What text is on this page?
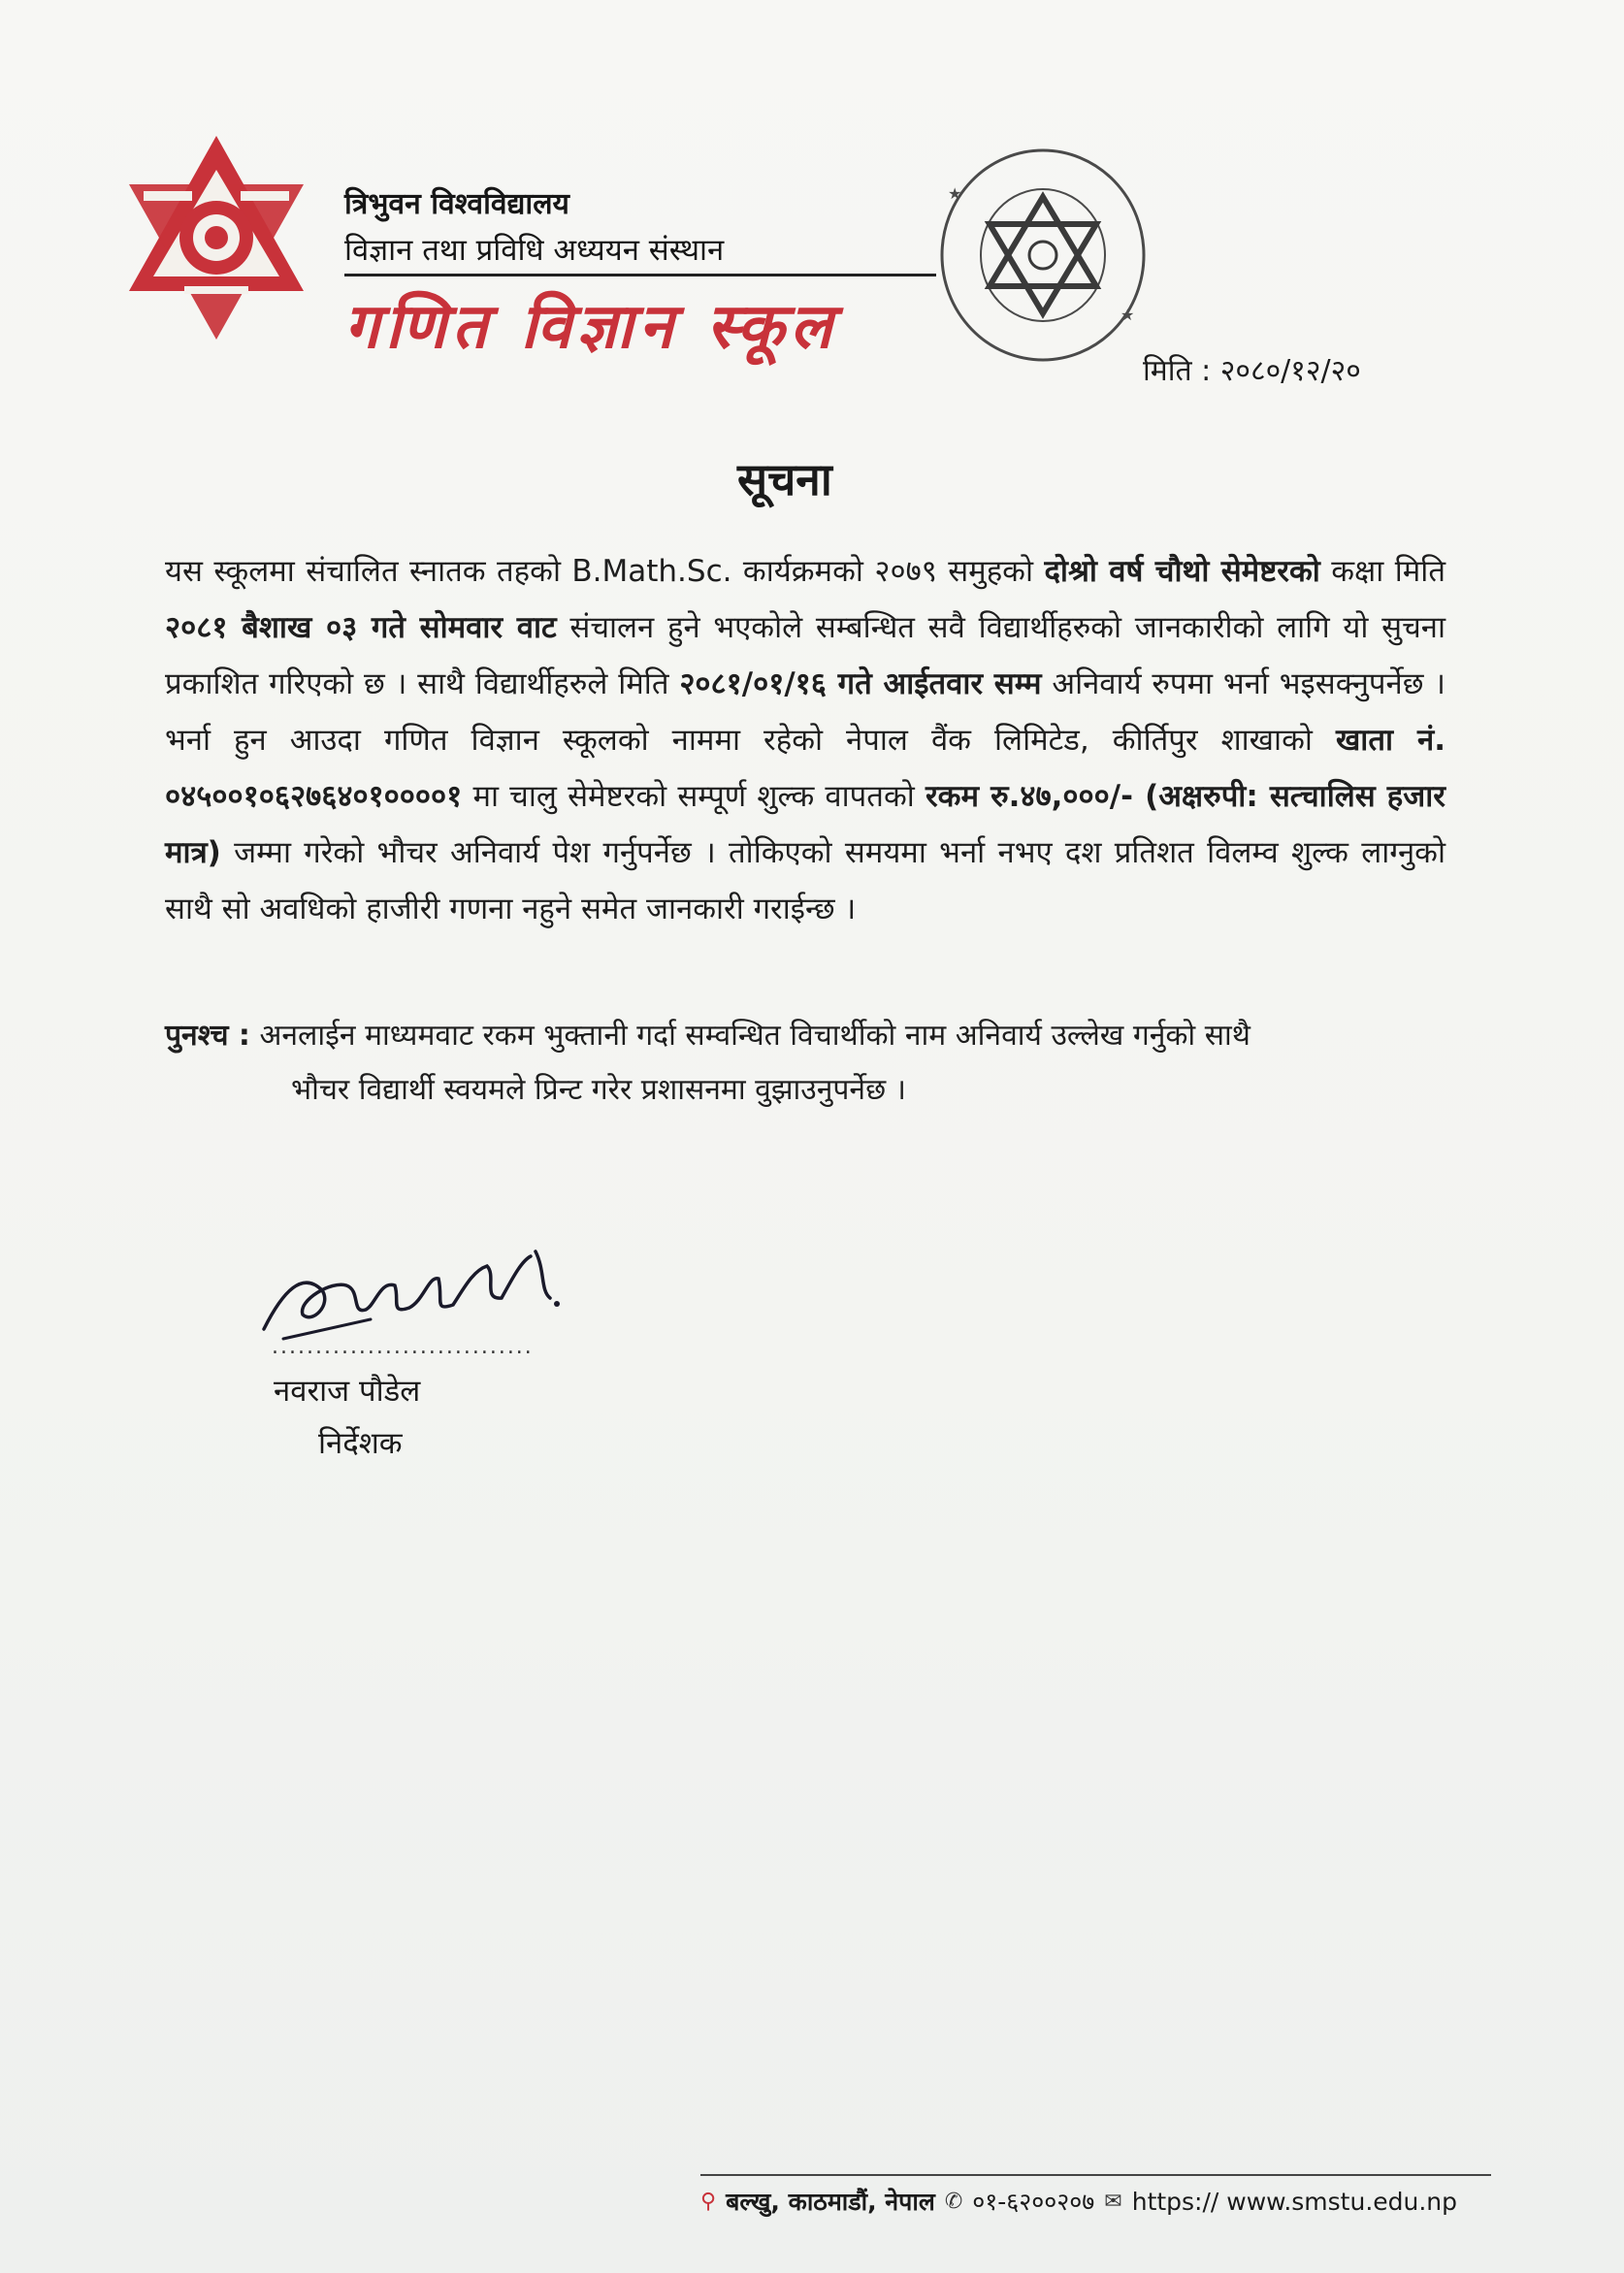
त्रिभुवन विश्वविद्यालय
विज्ञान तथा प्रविधि अध्ययन संस्थान
गणित विज्ञान स्कूल
★
★
मिति : २०८०/१२/२०
सूचना
यस स्कूलमा संचालित स्नातक तहको B.Math.Sc. कार्यक्रमको २०७९ समुहको दोश्रो वर्ष चौथो सेमेष्टरको कक्षा मिति २०८१ बैशाख ०३ गते सोमवार वाट संचालन हुने भएकोले सम्बन्धित सवै विद्यार्थीहरुको जानकारीको लागि यो सुचना प्रकाशित गरिएको छ । साथै विद्यार्थीहरुले मिति २०८१/०१/१६ गते आईतवार सम्म अनिवार्य रुपमा भर्ना भइसक्नुपर्नेछ । भर्ना हुन आउदा गणित विज्ञान स्कूलको नाममा रहेको नेपाल वैंक लिमिटेड, कीर्तिपुर शाखाको खाता नं. ०४५००१०६२७६४०१००००१ मा चालु सेमेष्टरको सम्पूर्ण शुल्क वापतको रकम रु.४७,०००/- (अक्षरुपी: सत्चालिस हजार मात्र) जम्मा गरेको भौचर अनिवार्य पेश गर्नुपर्नेछ । तोकिएको समयमा भर्ना नभए दश प्रतिशत विलम्व शुल्क लाग्नुको साथै सो अवधिको हाजीरी गणना नहुने समेत जानकारी गराईन्छ ।
पुनश्च : अनलाईन माध्यमवाट रकम भुक्तानी गर्दा सम्वन्धित विचार्थीको नाम अनिवार्य उल्लेख गर्नुको साथै
भौचर विद्यार्थी स्वयमले प्रिन्ट गरेर प्रशासनमा वुझाउनुपर्नेछ ।
..............................
नवराज पौडेल
निर्देशक
⚲ बल्खु, काठमाडौं, नेपाल ✆ ०१-६२००२०७ ✉ https:// www.smstu.edu.np
